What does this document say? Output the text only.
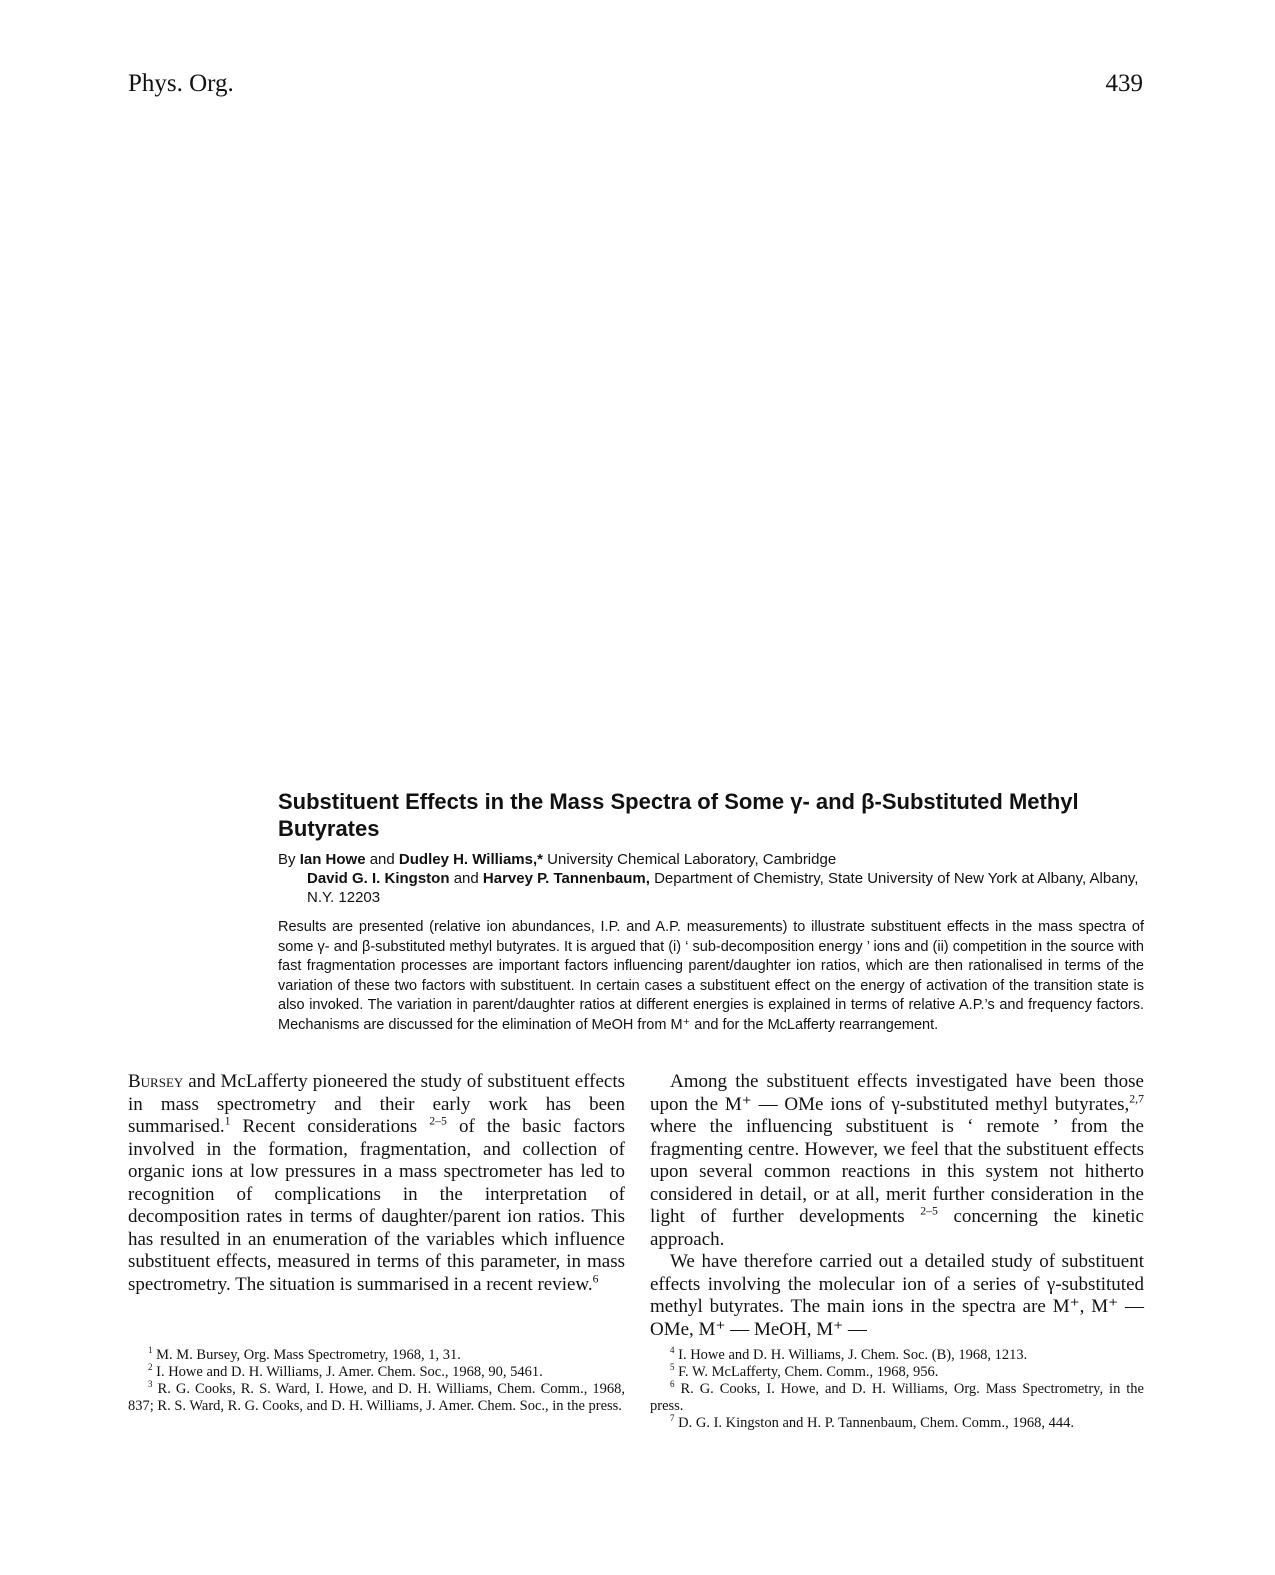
Phys. Org.	439
Substituent Effects in the Mass Spectra of Some γ- and β-Substituted Methyl Butyrates
By Ian Howe and Dudley H. Williams,* University Chemical Laboratory, Cambridge
David G. I. Kingston and Harvey P. Tannenbaum, Department of Chemistry, State University of New York at Albany, Albany, N.Y. 12203
Results are presented (relative ion abundances, I.P. and A.P. measurements) to illustrate substituent effects in the mass spectra of some γ- and β-substituted methyl butyrates. It is argued that (i) ‘ sub-decomposition energy ’ ions and (ii) competition in the source with fast fragmentation processes are important factors influencing parent/daughter ion ratios, which are then rationalised in terms of the variation of these two factors with substituent. In certain cases a substituent effect on the energy of activation of the transition state is also invoked. The variation in parent/daughter ratios at different energies is explained in terms of relative A.P.’s and frequency factors. Mechanisms are discussed for the elimination of MeOH from M⁺ and for the McLafferty rearrangement.

Bursey and McLafferty pioneered the study of substituent effects in mass spectrometry and their early work has been summarised.$^1$ Recent considerations $^{2-5}$ of the basic factors involved in the formation, fragmentation, and collection of organic ions at low pressures in a mass spectrometer has led to recognition of complications in the interpretation of decomposition rates in terms of daughter/parent ion ratios. This has resulted in an enumeration of the variables which influence substituent effects, measured in terms of this parameter, in mass spectrometry. The situation is summarised in a recent review.$^6$

Among the substituent effects investigated have been those upon the M⁺ — OMe ions of γ-substituted methyl butyrates,$^{2,7}$ where the influencing substituent is ‘ remote ’ from the fragmenting centre. However, we feel that the substituent effects upon several common reactions in this system not hitherto considered in detail, or at all, merit further consideration in the light of further developments $^{2-5}$ concerning the kinetic approach.

We have therefore carried out a detailed study of substituent effects involving the molecular ion of a series of γ-substituted methyl butyrates. The main ions in the spectra are M⁺, M⁺ — OMe, M⁺ — MeOH, M⁺ —

$^1$ M. M. Bursey, Org. Mass Spectrometry, 1968, 1, 31.
$^2$ I. Howe and D. H. Williams, J. Amer. Chem. Soc., 1968, 90, 5461.
$^3$ R. G. Cooks, R. S. Ward, I. Howe, and D. H. Williams, Chem. Comm., 1968, 837; R. S. Ward, R. G. Cooks, and D. H. Williams, J. Amer. Chem. Soc., in the press.
$^4$ I. Howe and D. H. Williams, J. Chem. Soc. (B), 1968, 1213.
$^5$ F. W. McLafferty, Chem. Comm., 1968, 956.
$^6$ R. G. Cooks, I. Howe, and D. H. Williams, Org. Mass Spectrometry, in the press.
$^7$ D. G. I. Kingston and H. P. Tannenbaum, Chem. Comm., 1968, 444.
